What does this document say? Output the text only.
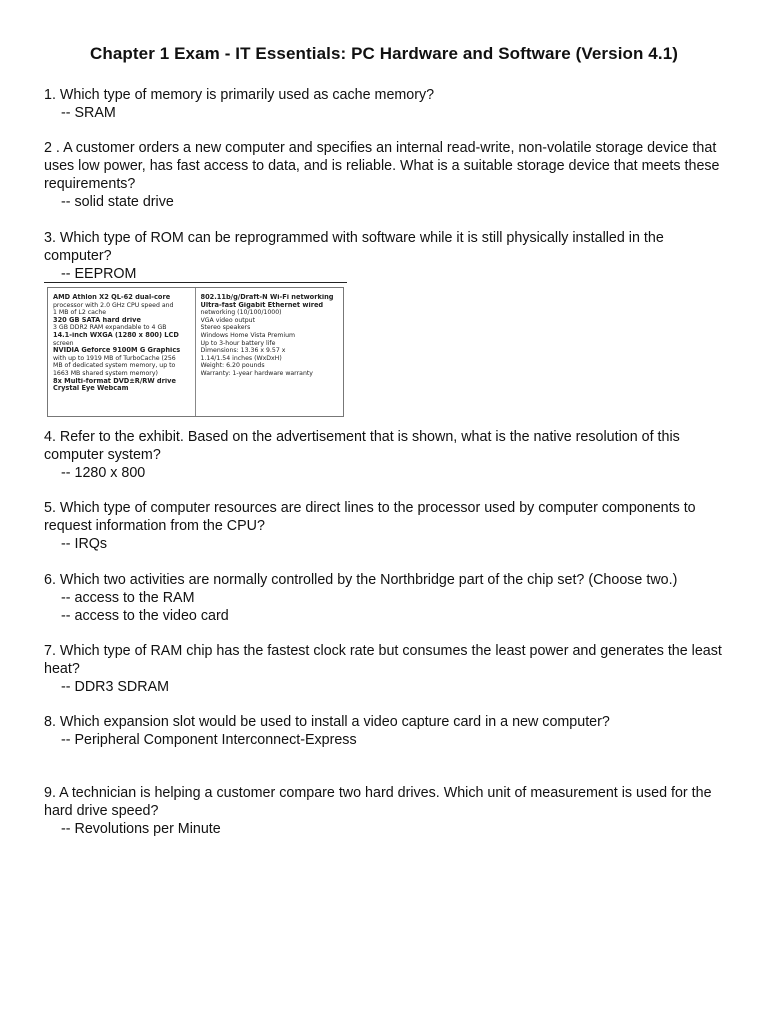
Chapter 1 Exam - IT Essentials: PC Hardware and Software (Version 4.1)
1. Which type of memory is primarily used as cache memory?
-- SRAM
2 . A customer orders a new computer and specifies an internal read-write, non-volatile storage device that uses low power, has fast access to data, and is reliable. What is a suitable storage device that meets these requirements?
-- solid state drive
3. Which type of ROM can be reprogrammed with software while it is still physically installed in the computer?
-- EEPROM
AMD Athlon X2 QL-62 dual-core
processor with 2.0 GHz CPU speed and
1 MB of L2 cache
320 GB SATA hard drive
3 GB DDR2 RAM expandable to 4 GB
14.1-inch WXGA (1280 x 800) LCD
screen
NVIDIA Geforce 9100M G Graphics
with up to 1919 MB of TurboCache (256
MB of dedicated system memory, up to
1663 MB shared system memory)
8x Multi-format DVD±R/RW drive
Crystal Eye Webcam
802.11b/g/Draft-N Wi-Fi networking
Ultra-fast Gigabit Ethernet wired
networking (10/100/1000)
VGA video output
Stereo speakers
Windows Home Vista Premium
Up to 3-hour battery life
Dimensions: 13.36 x 9.57 x
1.14/1.54 inches (WxDxH)
Weight: 6.20 pounds
Warranty: 1-year hardware warranty
4. Refer to the exhibit. Based on the advertisement that is shown, what is the native resolution of this computer system?
-- 1280 x 800
5. Which type of computer resources are direct lines to the processor used by computer components to request information from the CPU?
-- IRQs
6. Which two activities are normally controlled by the Northbridge part of the chip set? (Choose two.)
-- access to the RAM
-- access to the video card
7. Which type of RAM chip has the fastest clock rate but consumes the least power and generates the least heat?
-- DDR3 SDRAM
8. Which expansion slot would be used to install a video capture card in a new computer?
-- Peripheral Component Interconnect-Express
9. A technician is helping a customer compare two hard drives. Which unit of measurement is used for the hard drive speed?
-- Revolutions per Minute
